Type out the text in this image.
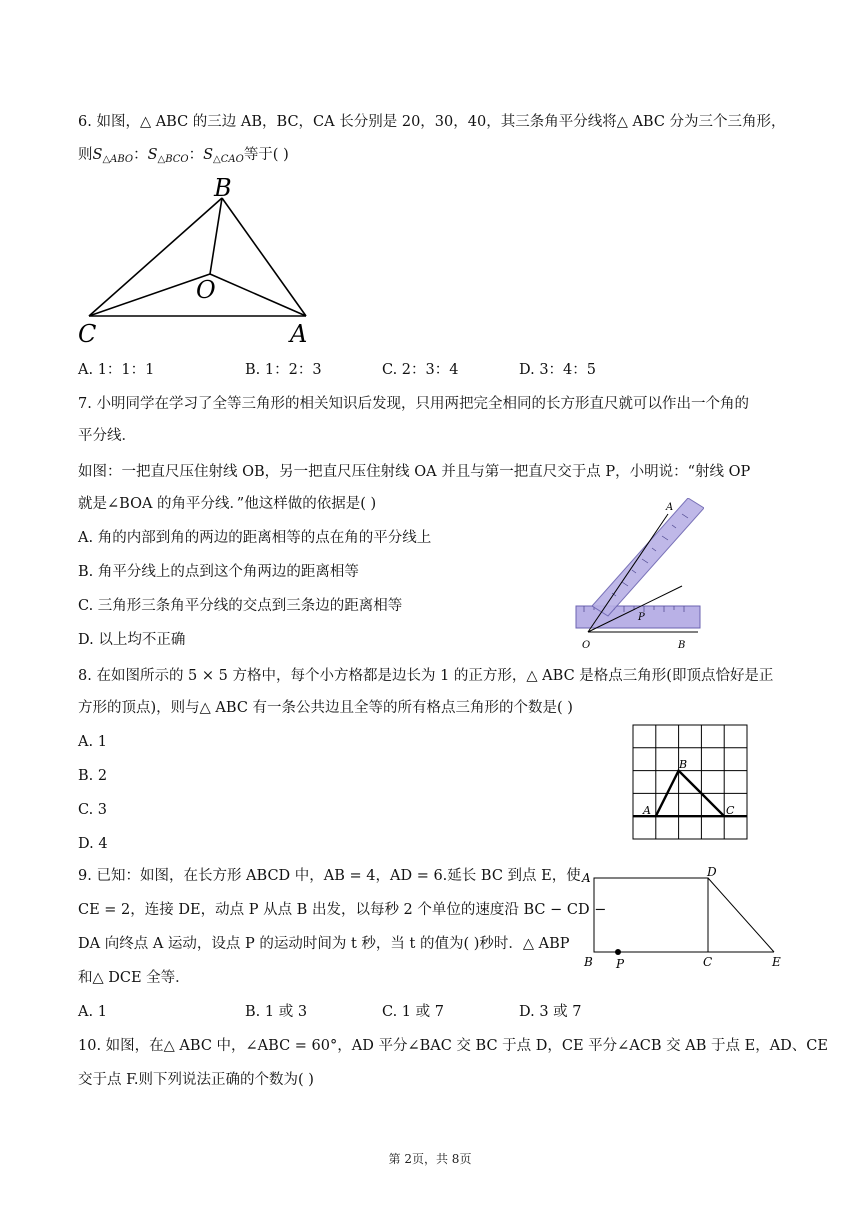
6. 如图，△ ABC 的三边 AB，BC，CA 长分别是 20，30，40，其三条角平分线将△ ABC 分为三个三角形，
则$S_{\triangle ABO}$：$S_{\triangle BCO}$：$S_{\triangle CAO}$等于( )
B
O
C	A
A. 1：1：1	B. 1：2：3	C. 2：3：4	D. 3：4：5
7. 小明同学在学习了全等三角形的相关知识后发现，只用两把完全相同的长方形直尺就可以作出一个角的
平分线．
如图：一把直尺压住射线 OB，另一把直尺压住射线 OA 并且与第一把直尺交于点 P，小明说：“射线 OP
就是∠BOA 的角平分线．”他这样做的依据是( )
A. 角的内部到角的两边的距离相等的点在角的平分线上
B. 角平分线上的点到这个角两边的距离相等
C. 三角形三条角平分线的交点到三条边的距离相等
D. 以上均不正确
A
P
O	B
8. 在如图所示的 5 × 5 方格中，每个小方格都是边长为 1 的正方形，△ ABC 是格点三角形(即顶点恰好是正
方形的顶点)，则与△ ABC 有一条公共边且全等的所有格点三角形的个数是( )
A. 1
B. 2
C. 3
D. 4
A
B
C
9. 已知：如图，在长方形 ABCD 中，AB = 4，AD = 6.延长 BC 到点 E，使
CE = 2，连接 DE，动点 P 从点 B 出发，以每秒 2 个单位的速度沿 BC − CD −
DA 向终点 A 运动，设点 P 的运动时间为 t 秒，当 t 的值为( )秒时．△ ABP
和△ DCE 全等．
A	D
B P	C	E
A. 1	B. 1 或 3	C. 1 或 7	D. 3 或 7
10. 如图，在△ ABC 中，∠ABC = 60°，AD 平分∠BAC 交 BC 于点 D，CE 平分∠ACB 交 AB 于点 E，AD、CE
交于点 F.则下列说法正确的个数为( )
第 2页，共 8页
